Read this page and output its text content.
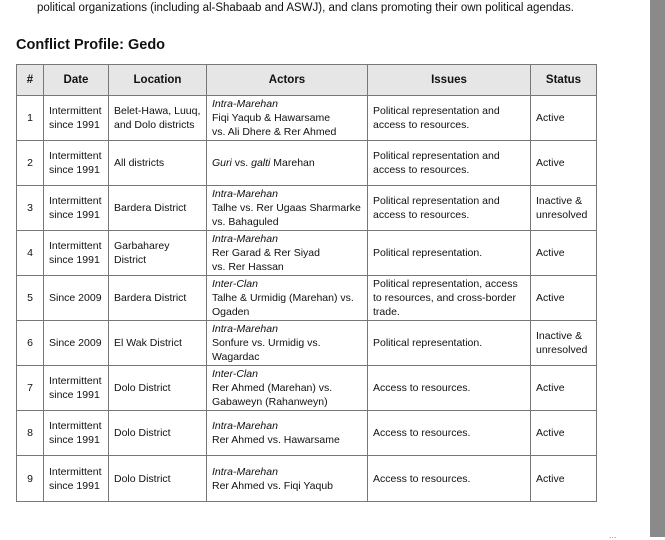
political organizations (including al-Shabaab and ASWJ), and clans promoting their own political agendas.
Conflict Profile: Gedo
#	Date	Location	Actors	Issues	Status
1	Intermittent since 1991	Belet-Hawa, Luuq, and Dolo districts	Intra-Marehan
Fiqi Yaqub & Hawarsame
vs. Ali Dhere & Rer Ahmed	Political representation and access to resources.	Active
2	Intermittent since 1991	All districts	Guri vs. galti Marehan	Political representation and access to resources.	Active
3	Intermittent since 1991	Bardera District	Intra-Marehan
Talhe vs. Rer Ugaas Sharmarke
vs. Bahaguled	Political representation and access to resources.	Inactive & unresolved
4	Intermittent since 1991	Garbaharey District	Intra-Marehan
Rer Garad & Rer Siyad
vs. Rer Hassan	Political representation.	Active
5	Since 2009	Bardera District	Inter-Clan
Talhe & Urmidig (Marehan) vs.
Ogaden	Political representation, access to resources, and cross-border trade.	Active
6	Since 2009	El Wak District	Intra-Marehan
Sonfure vs. Urmidig vs.
Wagardac	Political representation.	Inactive & unresolved
7	Intermittent since 1991	Dolo District	Inter-Clan
Rer Ahmed (Marehan) vs.
Gabaweyn (Rahanweyn)	Access to resources.	Active
8	Intermittent since 1991	Dolo District	Intra-Marehan
Rer Ahmed vs. Hawarsame	Access to resources.	Active
9	Intermittent since 1991	Dolo District	Intra-Marehan
Rer Ahmed vs. Fiqi Yaqub	Access to resources.	Active
...
